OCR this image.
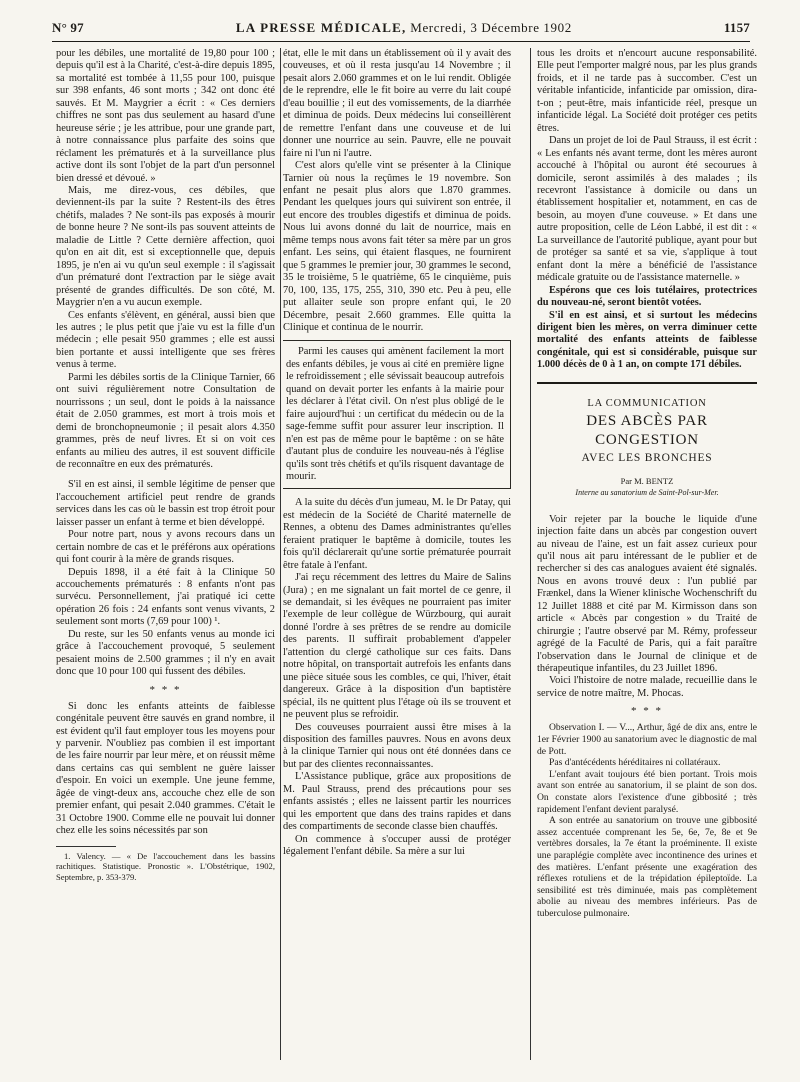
N° 97	LA PRESSE MÉDICALE, Mercredi, 3 Décembre 1902	1157

pour les débiles, une mortalité de 19,80 pour 100 ; depuis qu'il est à la Charité, c'est-à-dire depuis 1895, sa mortalité est tombée à 11,55 pour 100, puisque sur 398 enfants, 46 sont morts ; 342 ont donc été sauvés. Et M. Maygrier a écrit : « Ces derniers chiffres ne sont pas dus seulement au hasard d'une heureuse série ; je les attribue, pour une grande part, à notre connaissance plus parfaite des soins que réclament les prématurés et à la surveillance plus active dont ils sont l'objet de la part d'un personnel bien dressé et dévoué. »

Mais, me direz-vous, ces débiles, que deviennent-ils par la suite ? Restent-ils des êtres chétifs, malades ? Ne sont-ils pas exposés à mourir de bonne heure ? Ne sont-ils pas souvent atteints de maladie de Little ? Cette dernière affection, quoi qu'on en ait dit, est si exceptionnelle que, depuis 1895, je n'en ai vu qu'un seul exemple : il s'agissait d'un prématuré dont l'extraction par le siège avait présenté de grandes difficultés. De son côté, M. Maygrier n'en a vu aucun exemple.

Ces enfants s'élèvent, en général, aussi bien que les autres ; le plus petit que j'aie vu est la fille d'un médecin ; elle pesait 950 grammes ; elle est aussi bien portante et aussi intelligente que ses frères venus à terme.

Parmi les débiles sortis de la Clinique Tarnier, 66 ont suivi régulièrement notre Consultation de nourrissons ; un seul, dont le poids à la naissance était de 2.050 grammes, est mort à trois mois et demi de bronchopneumonie ; il pesait alors 4.350 grammes, près de neuf livres. Et si on voit ces enfants au milieu des autres, il est souvent difficile de reconnaître en eux des prématurés.

S'il en est ainsi, il semble légitime de penser que l'accouchement artificiel peut rendre de grands services dans les cas où le bassin est trop étroit pour laisser passer un enfant à terme et bien développé.

Pour notre part, nous y avons recours dans un certain nombre de cas et le préférons aux opérations qui font courir à la mère de grands risques.

Depuis 1898, il a été fait à la Clinique 50 accouchements prématurés : 8 enfants n'ont pas survécu. Personnellement, j'ai pratiqué ici cette opération 26 fois : 24 enfants sont venus vivants, 2 seulement sont morts (7,69 pour 100) ¹.

Du reste, sur les 50 enfants venus au monde ici grâce à l'accouchement provoqué, 5 seulement pesaient moins de 2.500 grammes ; il n'y en avait donc que 10 pour 100 qui fussent des débiles.

* * *

Si donc les enfants atteints de faiblesse congénitale peuvent être sauvés en grand nombre, il est évident qu'il faut employer tous les moyens pour y parvenir. N'oubliez pas combien il est important de les faire nourrir par leur mère, et on réussit même dans certains cas qui semblent ne guère laisser d'espoir. En voici un exemple. Une jeune femme, âgée de vingt-deux ans, accouche chez elle de son premier enfant, qui pesait 2.040 grammes. C'était le 31 Octobre 1900. Comme elle ne pouvait lui donner chez elle les soins nécessités par son

1. Valency. — « De l'accouchement dans les bassins rachitiques. Statistique. Pronostic ». L'Obstétrique, 1902, Septembre, p. 353-379.

état, elle le mit dans un établissement où il y avait des couveuses, et où il resta jusqu'au 14 Novembre ; il pesait alors 2.060 grammes et on le lui rendit. Obligée de le reprendre, elle le fit boire au verre du lait coupé d'eau bouillie ; il eut des vomissements, de la diarrhée et diminua de poids. Deux médecins lui conseillèrent de remettre l'enfant dans une couveuse et de lui donner une nourrice au sein. Pauvre, elle ne pouvait faire ni l'un ni l'autre.

C'est alors qu'elle vint se présenter à la Clinique Tarnier où nous la reçûmes le 19 novembre. Son enfant ne pesait plus alors que 1.870 grammes. Pendant les quelques jours qui suivirent son entrée, il eut encore des troubles digestifs et diminua de poids. Nous lui avons donné du lait de nourrice, mais en même temps nous avons fait téter sa mère par un gros enfant. Les seins, qui étaient flasques, ne fournirent que 5 grammes le premier jour, 30 grammes le second, 35 le troisième, 5 le quatrième, 65 le cinquième, puis 70, 100, 135, 175, 255, 310, 390 etc. Peu à peu, elle put allaiter seule son propre enfant qui, le 20 Décembre, pesait 2.660 grammes. Elle quitta la Clinique et continua de le nourrir.

Parmi les causes qui amènent facilement la mort des enfants débiles, je vous ai cité en première ligne le refroidissement ; elle sévissait beaucoup autrefois quand on devait porter les enfants à la mairie pour les déclarer à l'état civil. On n'est plus obligé de le faire aujourd'hui : un certificat du médecin ou de la sage-femme suffit pour assurer leur inscription. Il n'en est pas de même pour le baptême : on se hâte d'autant plus de conduire les nouveau-nés à l'église qu'ils sont très chétifs et qu'ils risquent davantage de mourir.

A la suite du décès d'un jumeau, M. le Dr Patay, qui est médecin de la Société de Charité maternelle de Rennes, a obtenu des Dames administrantes qu'elles feraient pratiquer le baptême à domicile, toutes les fois qu'il déclarerait qu'une sortie prématurée pourrait être fatale à l'enfant.

J'ai reçu récemment des lettres du Maire de Salins (Jura) ; en me signalant un fait mortel de ce genre, il se demandait, si les évêques ne pourraient pas imiter l'exemple de leur collègue de Würzbourg, qui aurait donné l'ordre à ses prêtres de se rendre au domicile des parents. Il suffirait probablement d'appeler l'attention du clergé catholique sur ces faits. Dans notre hôpital, on transportait autrefois les enfants dans une pièce située sous les combles, ce qui, l'hiver, était dangereux. Grâce à la disposition d'un baptistère spécial, ils ne quittent plus l'étage où ils se trouvent et ne peuvent plus se refroidir.

Des couveuses pourraient aussi être mises à la disposition des familles pauvres. Nous en avons deux à la clinique Tarnier qui nous ont été données dans ce but par des clientes reconnaissantes.

L'Assistance publique, grâce aux propositions de M. Paul Strauss, prend des précautions pour ses enfants assistés ; elles ne laissent partir les nourrices qui les emportent que dans des trains rapides et dans des compartiments de seconde classe bien chauffés.

On commence à s'occuper aussi de protéger légalement l'enfant débile. Sa mère a sur lui

tous les droits et n'encourt aucune responsabilité. Elle peut l'emporter malgré nous, par les plus grands froids, et il ne tarde pas à succomber. C'est un véritable infanticide, infanticide par omission, dira-t-on ; peut-être, mais infanticide réel, presque un infanticide légal. La Société doit protéger ces petits êtres.

Dans un projet de loi de Paul Strauss, il est écrit : « Les enfants nés avant terme, dont les mères auront accouché à l'hôpital ou auront été secourues à domicile, seront assimilés à des malades ; ils recevront l'assistance à domicile ou dans un établissement hospitalier et, notamment, en cas de besoin, au moyen d'une couveuse. » Et dans une autre proposition, celle de Léon Labbé, il est dit : « La surveillance de l'autorité publique, ayant pour but de protéger sa santé et sa vie, s'applique à tout enfant dont la mère a bénéficié de l'assistance médicale gratuite ou de l'assistance maternelle. »

Espérons que ces lois tutélaires, protectrices du nouveau-né, seront bientôt votées.

S'il en est ainsi, et si surtout les médecins dirigent bien les mères, on verra diminuer cette mortalité des enfants atteints de faiblesse congénitale, qui est si considérable, puisque sur 1.000 décès de 0 à 1 an, on compte 171 débiles.

LA COMMUNICATION
DES ABCÈS PAR CONGESTION
AVEC LES BRONCHES
Par M. BENTZ
Interne au sanatorium de Saint-Pol-sur-Mer.

Voir rejeter par la bouche le liquide d'une injection faite dans un abcès par congestion ouvert au niveau de l'aine, est un fait assez curieux pour qu'il nous ait paru intéressant de le publier et de rechercher si des cas analogues avaient été signalés. Nous en avons trouvé deux : l'un publié par Frænkel, dans la Wiener klinische Wochenschrift du 12 Juillet 1888 et cité par M. Kirmisson dans son article « Abcès par congestion » du Traité de chirurgie ; l'autre observé par M. Rémy, professeur agrégé de la Faculté de Paris, qui a fait paraître l'observation dans le Journal de clinique et de thérapeutique infantiles, du 23 Juillet 1896.

Voici l'histoire de notre malade, recueillie dans le service de notre maître, M. Phocas.

* * *

Observation I. — V..., Arthur, âgé de dix ans, entre le 1er Février 1900 au sanatorium avec le diagnostic de mal de Pott.

Pas d'antécédents héréditaires ni collatéraux.

L'enfant avait toujours été bien portant. Trois mois avant son entrée au sanatorium, il se plaint de son dos. On constate alors l'existence d'une gibbosité ; très rapidement l'enfant devient paralysé.

A son entrée au sanatorium on trouve une gibbosité assez accentuée comprenant les 5e, 6e, 7e, 8e et 9e vertèbres dorsales, la 7e étant la proéminente. Il existe une paraplégie complète avec incontinence des urines et des matières. L'enfant présente une exagération des réflexes rotuliens et de la trépidation épileptoïde. La sensibilité est très diminuée, mais pas complètement abolie au niveau des membres inférieurs. Pas de tuberculose pulmonaire.
